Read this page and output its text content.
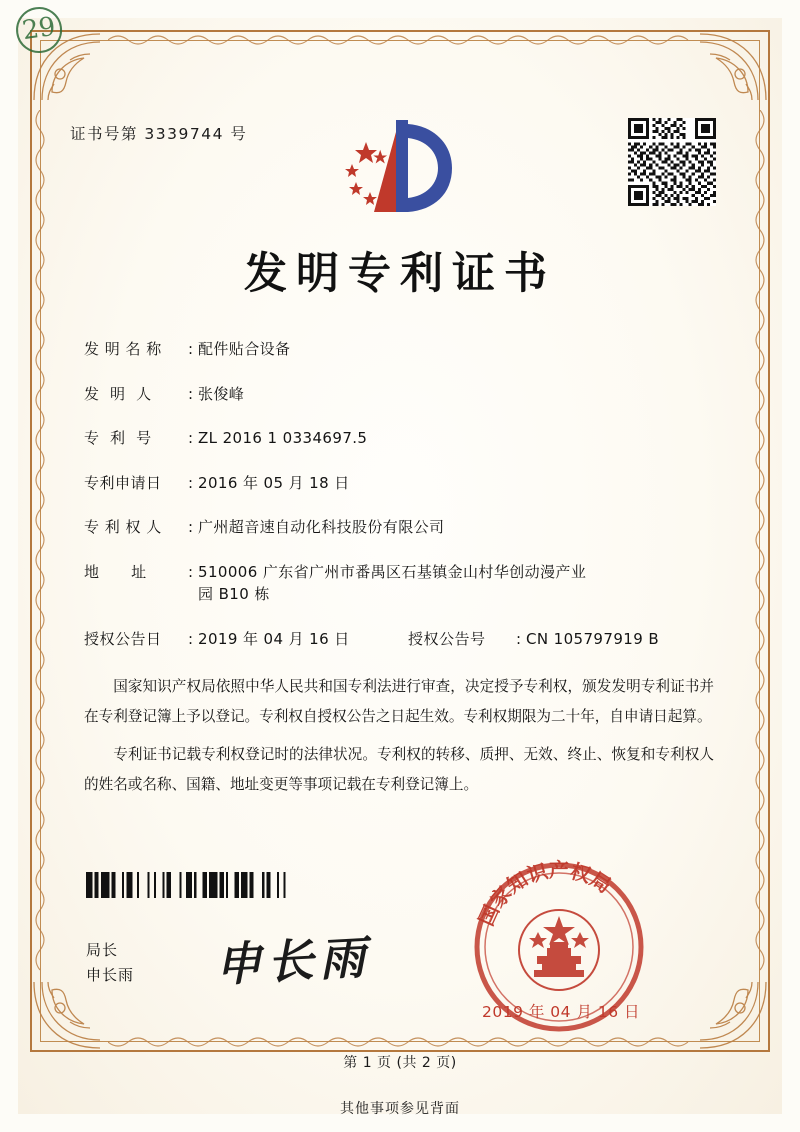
29
证书号第 3339744 号
发明专利证书
发 明 名 称	: 配件贴合设备
发  明  人	: 张俊峰
专  利  号	: ZL 2016 1 0334697.5
专利申请日	: 2016 年 05 月 18 日
专 利 权 人	: 广州超音速自动化科技股份有限公司
地      址	: 510006 广东省广州市番禺区石基镇金山村华创动漫产业
园 B10 栋
授权公告日	: 2019 年 04 月 16 日	授权公告号	: CN 105797919 B

国家知识产权局依照中华人民共和国专利法进行审查，决定授予专利权，颁发发明专利证书并在专利登记簿上予以登记。专利权自授权公告之日起生效。专利权期限为二十年，自申请日起算。

专利证书记载专利权登记时的法律状况。专利权的转移、质押、无效、终止、恢复和专利权人的姓名或名称、国籍、地址变更等事项记载在专利登记簿上。

局长
申长雨 申长雨
国家知识产权局
2019 年 04 月 16 日
第 1 页 (共 2 页)
其他事项参见背面
